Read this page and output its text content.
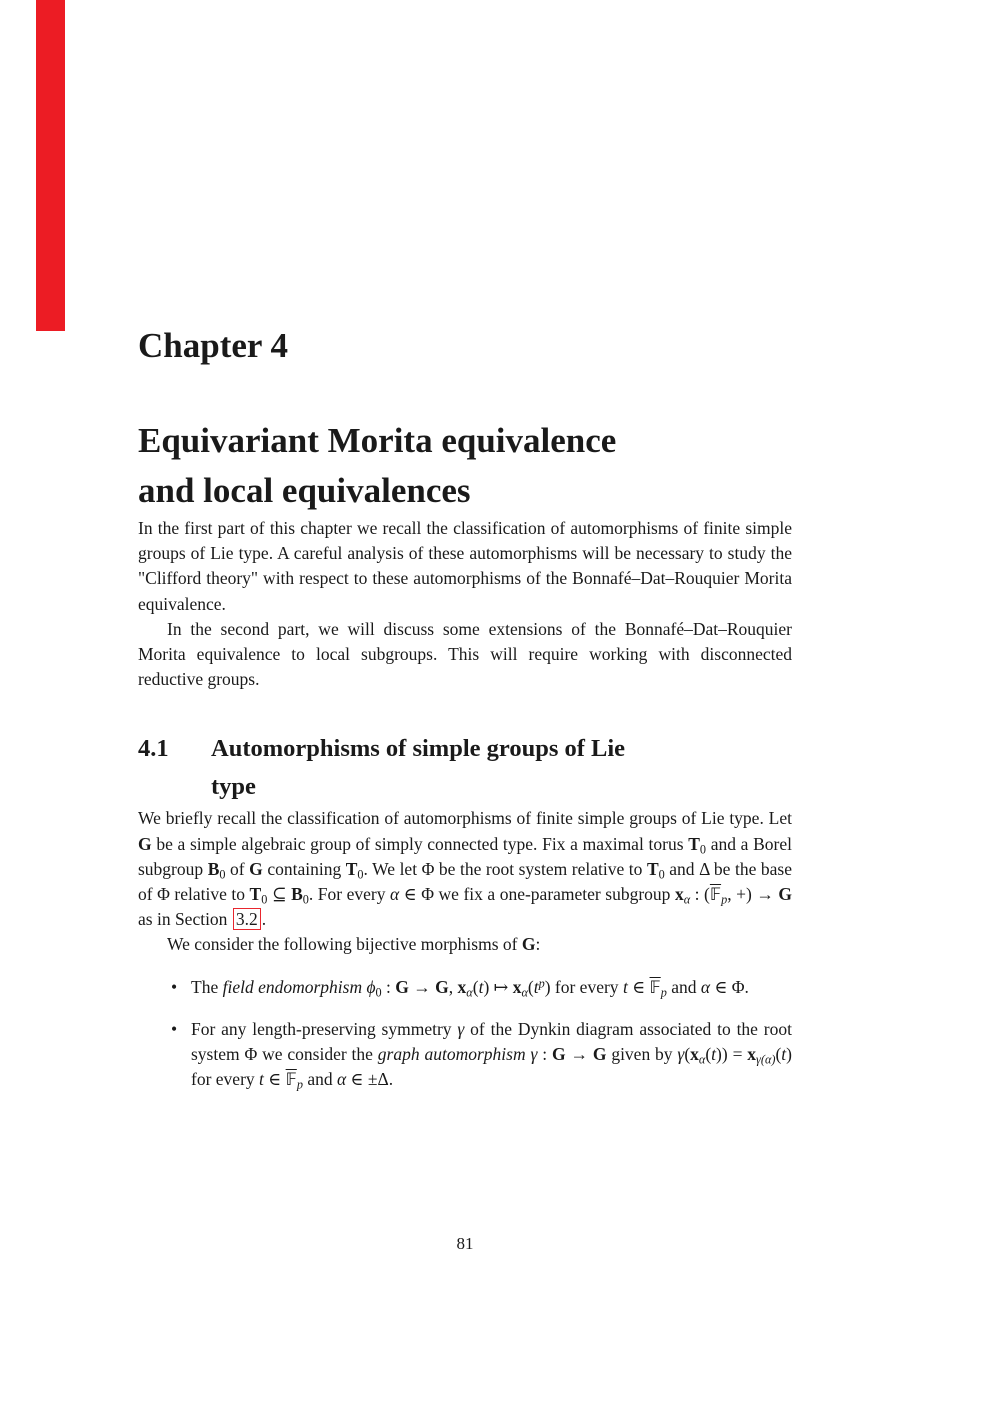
Chapter 4
Equivariant Morita equivalence
and local equivalences

In the first part of this chapter we recall the classification of automorphisms of finite simple groups of Lie type. A careful analysis of these automorphisms will be necessary to study the "Clifford theory" with respect to these automorphisms of the Bonnafé–Dat–Rouquier Morita equivalence.

In the second part, we will discuss some extensions of the Bonnafé–Dat–Rouquier Morita equivalence to local subgroups. This will require working with disconnected reductive groups.

4.1	Automorphisms of simple groups of Lie
type

We briefly recall the classification of automorphisms of finite simple groups of Lie type. Let G be a simple algebraic group of simply connected type. Fix a maximal torus $T_0$ and a Borel subgroup $B_0$ of G containing $T_0$. We let Φ be the root system relative to $T_0$ and Δ be the base of Φ relative to $T_0$ ⊆ $B_0$. For every α ∈ Φ we fix a one-parameter subgroup $x_\alpha$ : (𝔽$_p$, +) → G as in Section 3.2 .

We consider the following bijective morphisms of G:

• The field endomorphism $\phi_0$ : G → G, $x_\alpha(t)$ ↦ $x_\alpha(t^p)$ for every t ∈ 𝔽$_p$ and α ∈ Φ.

• For any length-preserving symmetry γ of the Dynkin diagram associated to the root system Φ we consider the graph automorphism γ : G → G given by $\gamma(x_\alpha(t)) = x_{\gamma(\alpha)}(t)$ for every t ∈ 𝔽$_p$ and α ∈ ±Δ.

81
